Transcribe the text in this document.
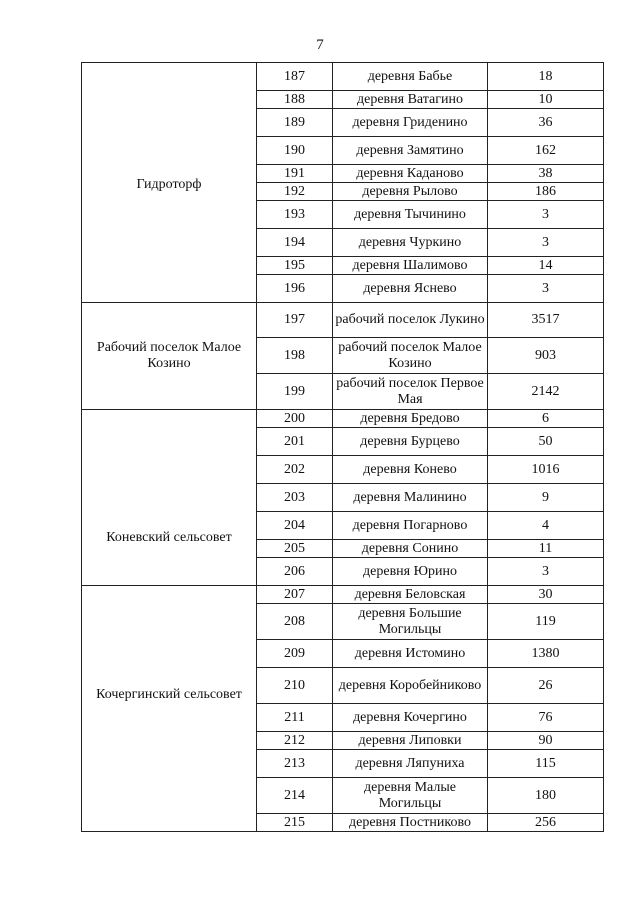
7
Гидроторф	187	деревня Бабье	18
	188	деревня Ватагино	10
	189	деревня Гриденино	36
	190	деревня Замятино	162
	191	деревня Каданово	38
	192	деревня Рылово	186
	193	деревня Тычинино	3
	194	деревня Чуркино	3
	195	деревня Шалимово	14
	196	деревня Яснево	3

Рабочий поселок Малое Козино	197	рабочий поселок Лукино	3517
	198	рабочий поселок Малое Козино	903
	199	рабочий поселок Первое Мая	2142

Коневский сельсовет	200	деревня Бредово	6
	201	деревня Бурцево	50
	202	деревня Конево	1016
	203	деревня Малинино	9
	204	деревня Погарново	4
	205	деревня Сонино	11
	206	деревня Юрино	3

Кочергинский сельсовет	207	деревня Беловская	30
	208	деревня Большие Могильцы	119
	209	деревня Истомино	1380
	210	деревня Коробейниково	26
	211	деревня Кочергино	76
	212	деревня Липовки	90
	213	деревня Ляпуниха	115
	214	деревня Малые Могильцы	180
	215	деревня Постниково	256
